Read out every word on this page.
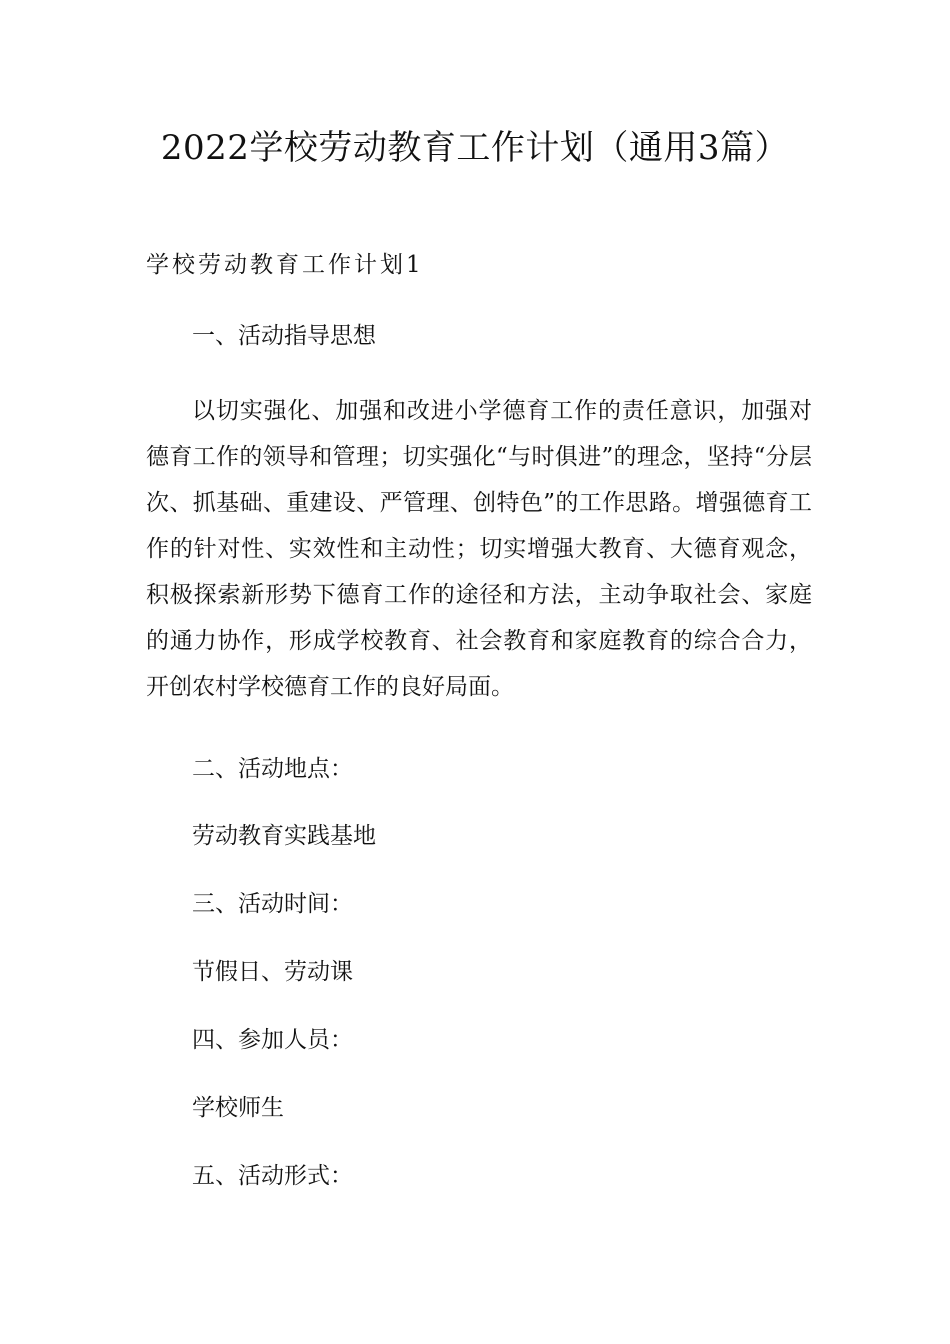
2022学校劳动教育工作计划（通用3篇）
学校劳动教育工作计划1

一、活动指导思想

以切实强化、加强和改进小学德育工作的责任意识，加强对德育工作的领导和管理；切实强化“与时俱进”的理念，坚持“分层次、抓基础、重建设、严管理、创特色”的工作思路。增强德育工作的针对性、实效性和主动性；切实增强大教育、大德育观念，积极探索新形势下德育工作的途径和方法，主动争取社会、家庭的通力协作，形成学校教育、社会教育和家庭教育的综合合力，开创农村学校德育工作的良好局面。

二、活动地点：

劳动教育实践基地

三、活动时间：

节假日、劳动课

四、参加人员：

学校师生

五、活动形式：
